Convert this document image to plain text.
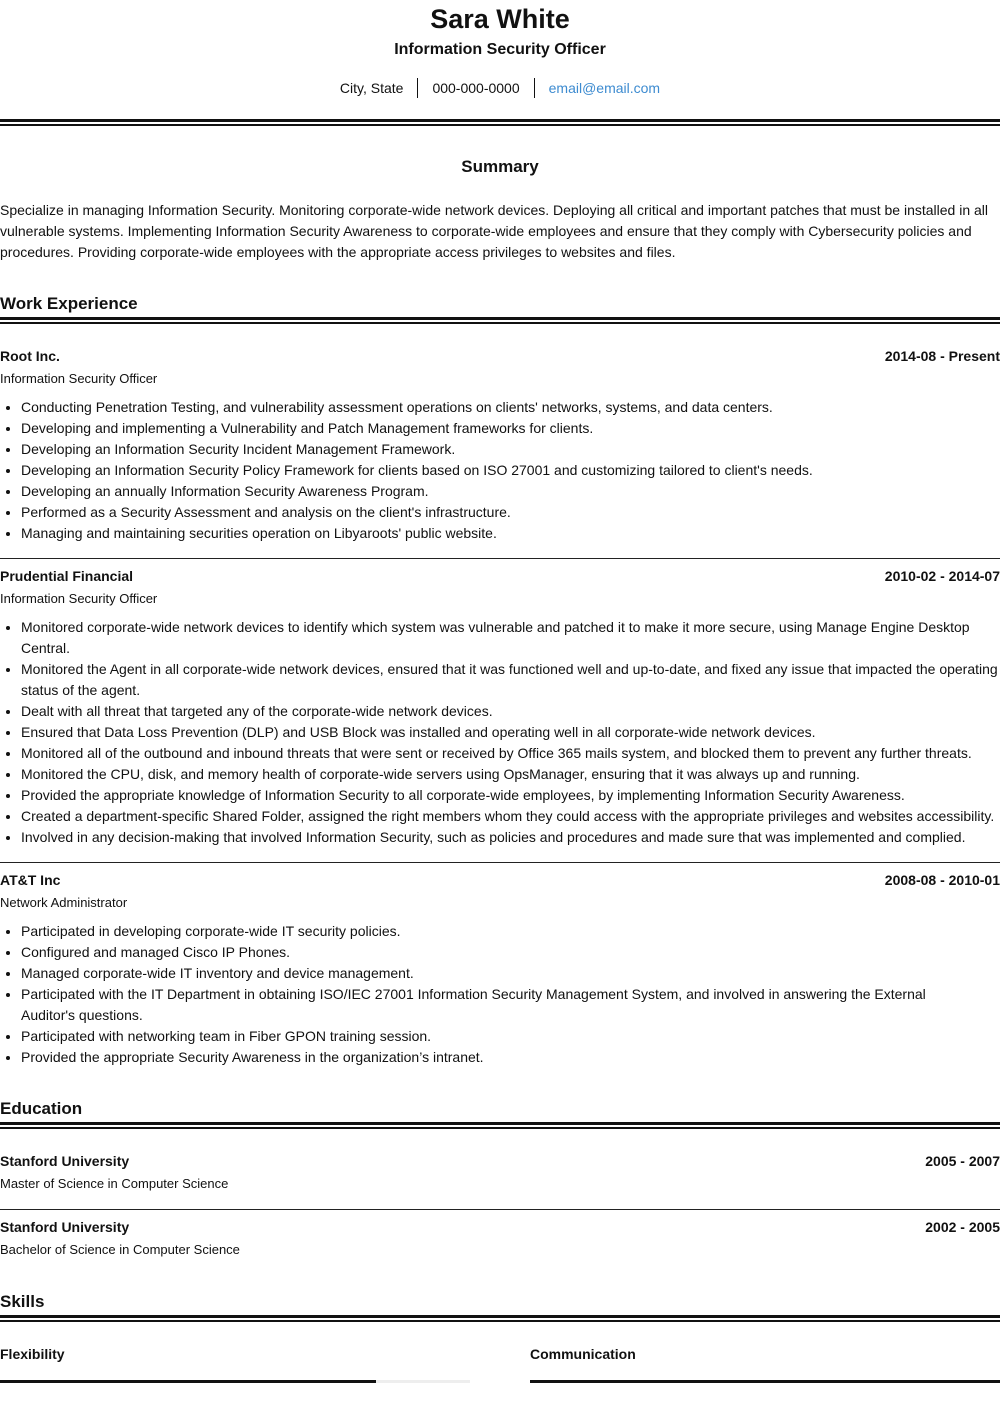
Sara White
Information Security Officer
City, State	000-000-0000	email@email.com
Summary
Specialize in managing Information Security. Monitoring corporate-wide network devices. Deploying all critical and important patches that must be installed in all vulnerable systems. Implementing Information Security Awareness to corporate-wide employees and ensure that they comply with Cybersecurity policies and procedures. Providing corporate-wide employees with the appropriate access privileges to websites and files.
Work Experience
Root Inc.	2014-08 - Present
Information Security Officer
• Conducting Penetration Testing, and vulnerability assessment operations on clients' networks, systems, and data centers.
• Developing and implementing a Vulnerability and Patch Management frameworks for clients.
• Developing an Information Security Incident Management Framework.
• Developing an Information Security Policy Framework for clients based on ISO 27001 and customizing tailored to client's needs.
• Developing an annually Information Security Awareness Program.
• Performed as a Security Assessment and analysis on the client's infrastructure.
• Managing and maintaining securities operation on Libyaroots' public website.
Prudential Financial	2010-02 - 2014-07
Information Security Officer
• Monitored corporate-wide network devices to identify which system was vulnerable and patched it to make it more secure, using Manage Engine Desktop Central.
• Monitored the Agent in all corporate-wide network devices, ensured that it was functioned well and up-to-date, and fixed any issue that impacted the operating status of the agent.
• Dealt with all threat that targeted any of the corporate-wide network devices.
• Ensured that Data Loss Prevention (DLP) and USB Block was installed and operating well in all corporate-wide network devices.
• Monitored all of the outbound and inbound threats that were sent or received by Office 365 mails system, and blocked them to prevent any further threats.
• Monitored the CPU, disk, and memory health of corporate-wide servers using OpsManager, ensuring that it was always up and running.
• Provided the appropriate knowledge of Information Security to all corporate-wide employees, by implementing Information Security Awareness.
• Created a department-specific Shared Folder, assigned the right members whom they could access with the appropriate privileges and websites accessibility.
• Involved in any decision-making that involved Information Security, such as policies and procedures and made sure that was implemented and complied.
AT&T Inc	2008-08 - 2010-01
Network Administrator
• Participated in developing corporate-wide IT security policies.
• Configured and managed Cisco IP Phones.
• Managed corporate-wide IT inventory and device management.
• Participated with the IT Department in obtaining ISO/IEC 27001 Information Security Management System, and involved in answering the External Auditor's questions.
• Participated with networking team in Fiber GPON training session.
• Provided the appropriate Security Awareness in the organization’s intranet.
Education
Stanford University	2005 - 2007
Master of Science in Computer Science
Stanford University	2002 - 2005
Bachelor of Science in Computer Science
Skills
Flexibility	Communication
